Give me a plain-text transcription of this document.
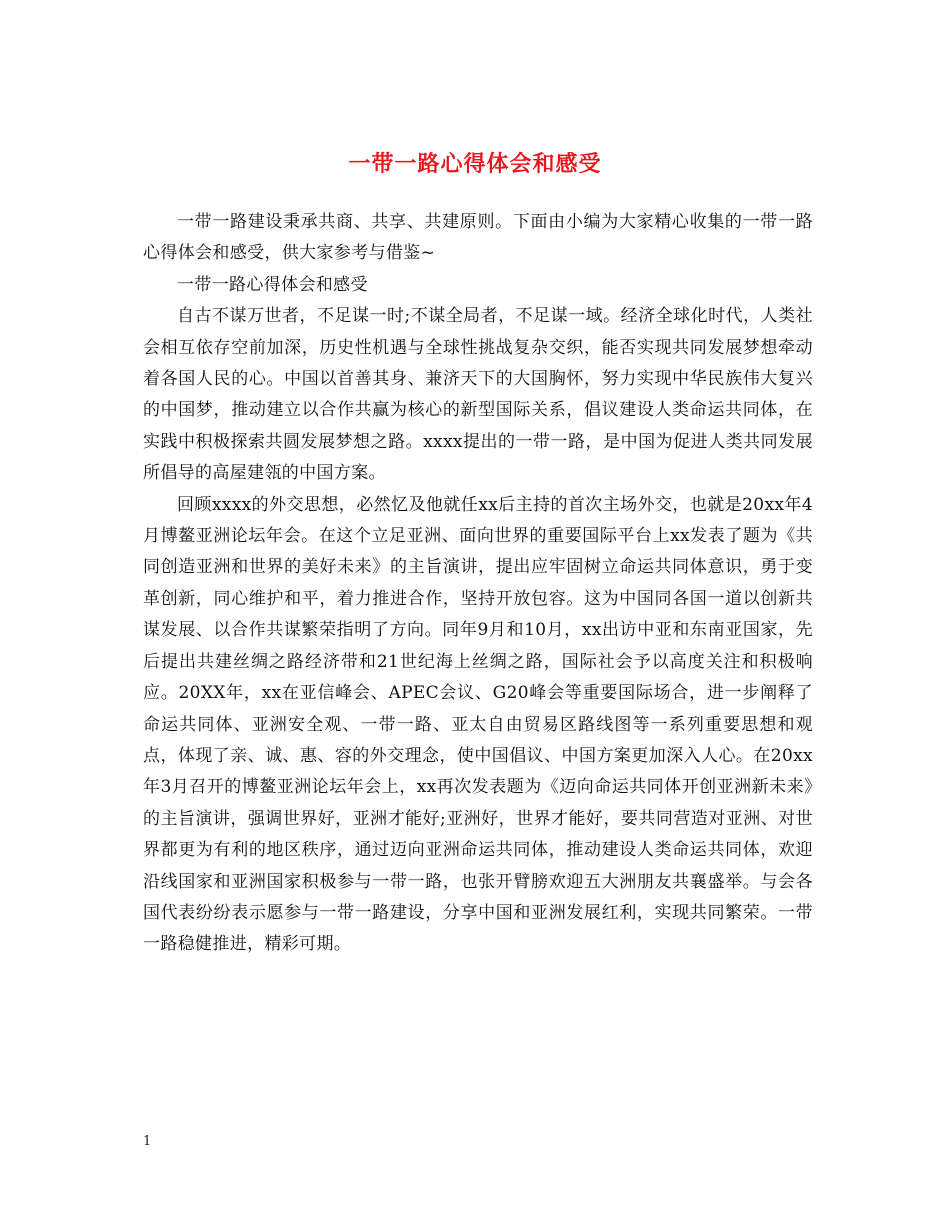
一带一路心得体会和感受

一带一路建设秉承共商、共享、共建原则。下面由小编为大家精心收集的一带一路心得体会和感受，供大家参考与借鉴~

一带一路心得体会和感受

自古不谋万世者，不足谋一时;不谋全局者，不足谋一域。经济全球化时代，人类社会相互依存空前加深，历史性机遇与全球性挑战复杂交织，能否实现共同发展梦想牵动着各国人民的心。中国以首善其身、兼济天下的大国胸怀，努力实现中华民族伟大复兴的中国梦，推动建立以合作共赢为核心的新型国际关系，倡议建设人类命运共同体，在实践中积极探索共圆发展梦想之路。xxxx提出的一带一路，是中国为促进人类共同发展所倡导的高屋建瓴的中国方案。

回顾xxxx的外交思想，必然忆及他就任xx后主持的首次主场外交，也就是20xx年4月博鳌亚洲论坛年会。在这个立足亚洲、面向世界的重要国际平台上xx发表了题为《共同创造亚洲和世界的美好未来》的主旨演讲，提出应牢固树立命运共同体意识，勇于变革创新，同心维护和平，着力推进合作，坚持开放包容。这为中国同各国一道以创新共谋发展、以合作共谋繁荣指明了方向。同年9月和10月，xx出访中亚和东南亚国家，先后提出共建丝绸之路经济带和21世纪海上丝绸之路，国际社会予以高度关注和积极响应。20XX年，xx在亚信峰会、APEC会议、G20峰会等重要国际场合，进一步阐释了命运共同体、亚洲安全观、一带一路、亚太自由贸易区路线图等一系列重要思想和观点，体现了亲、诚、惠、容的外交理念，使中国倡议、中国方案更加深入人心。在20xx年3月召开的博鳌亚洲论坛年会上，xx再次发表题为《迈向命运共同体开创亚洲新未来》的主旨演讲，强调世界好，亚洲才能好;亚洲好，世界才能好，要共同营造对亚洲、对世界都更为有利的地区秩序，通过迈向亚洲命运共同体，推动建设人类命运共同体，欢迎沿线国家和亚洲国家积极参与一带一路，也张开臂膀欢迎五大洲朋友共襄盛举。与会各国代表纷纷表示愿参与一带一路建设，分享中国和亚洲发展红利，实现共同繁荣。一带一路稳健推进，精彩可期。

1
